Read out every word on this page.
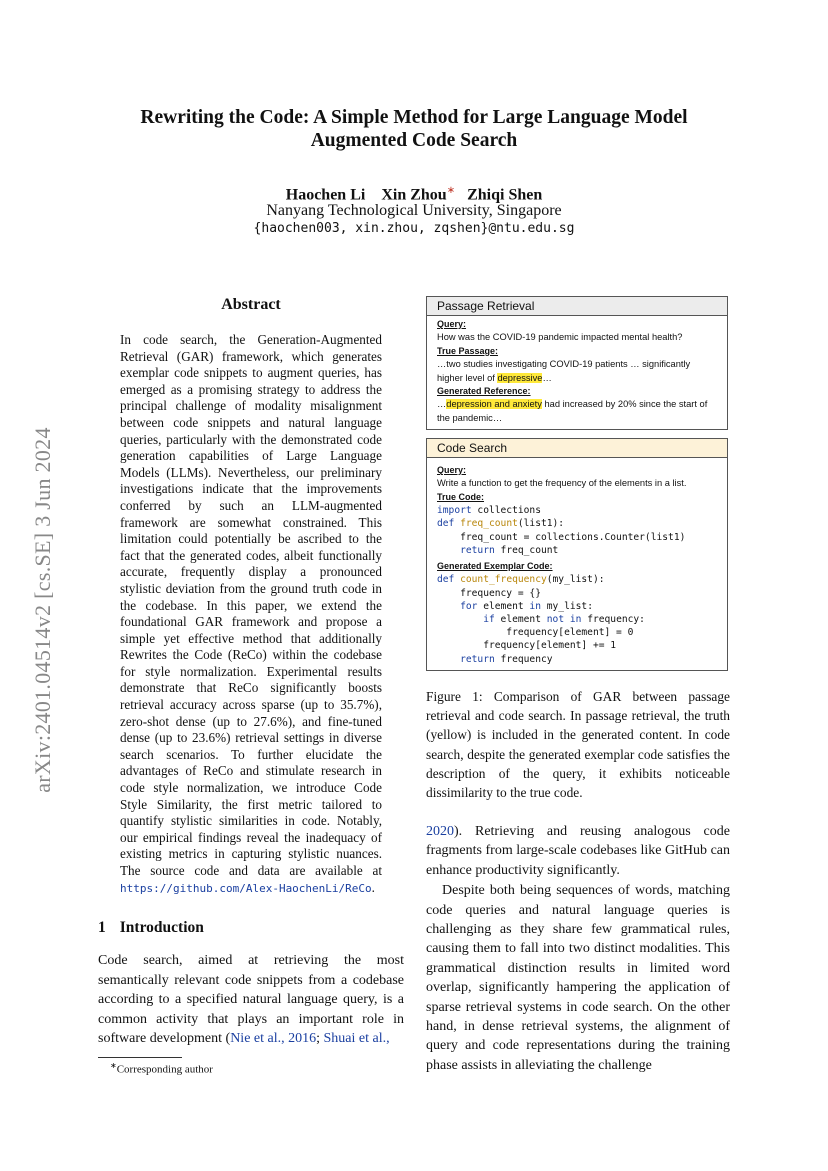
Rewriting the Code: A Simple Method for Large Language Model
Augmented Code Search
Haochen Li Xin Zhou∗ Zhiqi Shen
Nanyang Technological University, Singapore
{haochen003, xin.zhou, zqshen}@ntu.edu.sg
arXiv:2401.04514v2 [cs.SE] 3 Jun 2024
Abstract
In code search, the Generation-Augmented Retrieval (GAR) framework, which generates exemplar code snippets to augment queries, has emerged as a promising strategy to address the principal challenge of modality misalignment between code snippets and natural language queries, particularly with the demonstrated code generation capabilities of Large Language Models (LLMs). Nevertheless, our preliminary investigations indicate that the improvements conferred by such an LLM-augmented framework are somewhat constrained. This limitation could potentially be ascribed to the fact that the generated codes, albeit functionally accurate, frequently display a pronounced stylistic deviation from the ground truth code in the codebase. In this paper, we extend the foundational GAR framework and propose a simple yet effective method that additionally Rewrites the Code (ReCo) within the codebase for style normalization. Experimental results demonstrate that ReCo significantly boosts retrieval accuracy across sparse (up to 35.7%), zero-shot dense (up to 27.6%), and fine-tuned dense (up to 23.6%) retrieval settings in diverse search scenarios. To further elucidate the advantages of ReCo and stimulate research in code style normalization, we introduce Code Style Similarity, the first metric tailored to quantify stylistic similarities in code. Notably, our empirical findings reveal the inadequacy of existing metrics in capturing stylistic nuances. The source code and data are available at https://github.com/Alex-HaochenLi/ReCo.
1 Introduction
Code search, aimed at retrieving the most semantically relevant code snippets from a codebase according to a specified natural language query, is a common activity that plays an important role in software development (Nie et al., 2016; Shuai et al.,
∗Corresponding author
Passage Retrieval
Query:
How was the COVID-19 pandemic impacted mental health?
True Passage:
…two studies investigating COVID-19 patients … significantly higher level of depressive…
Generated Reference:
…depression and anxiety had increased by 20% since the start of the pandemic…
Code Search
Query:
Write a function to get the frequency of the elements in a list.
True Code:
import collections
def freq_count(list1):
freq_count = collections.Counter(list1)
return freq_count
Generated Exemplar Code:
def count_frequency(my_list):
frequency = {}
for element in my_list:
if element not in frequency:
frequency[element] = 0
frequency[element] += 1
return frequency
Figure 1: Comparison of GAR between passage retrieval and code search. In passage retrieval, the truth (yellow) is included in the generated content. In code search, despite the generated exemplar code satisfies the description of the query, it exhibits noticeable dissimilarity to the true code.

2020). Retrieving and reusing analogous code fragments from large-scale codebases like GitHub can enhance productivity significantly.

Despite both being sequences of words, matching code queries and natural language queries is challenging as they share few grammatical rules, causing them to fall into two distinct modalities. This grammatical distinction results in limited word overlap, significantly hampering the application of sparse retrieval systems in code search. On the other hand, in dense retrieval systems, the alignment of query and code representations during the training phase assists in alleviating the challenge
